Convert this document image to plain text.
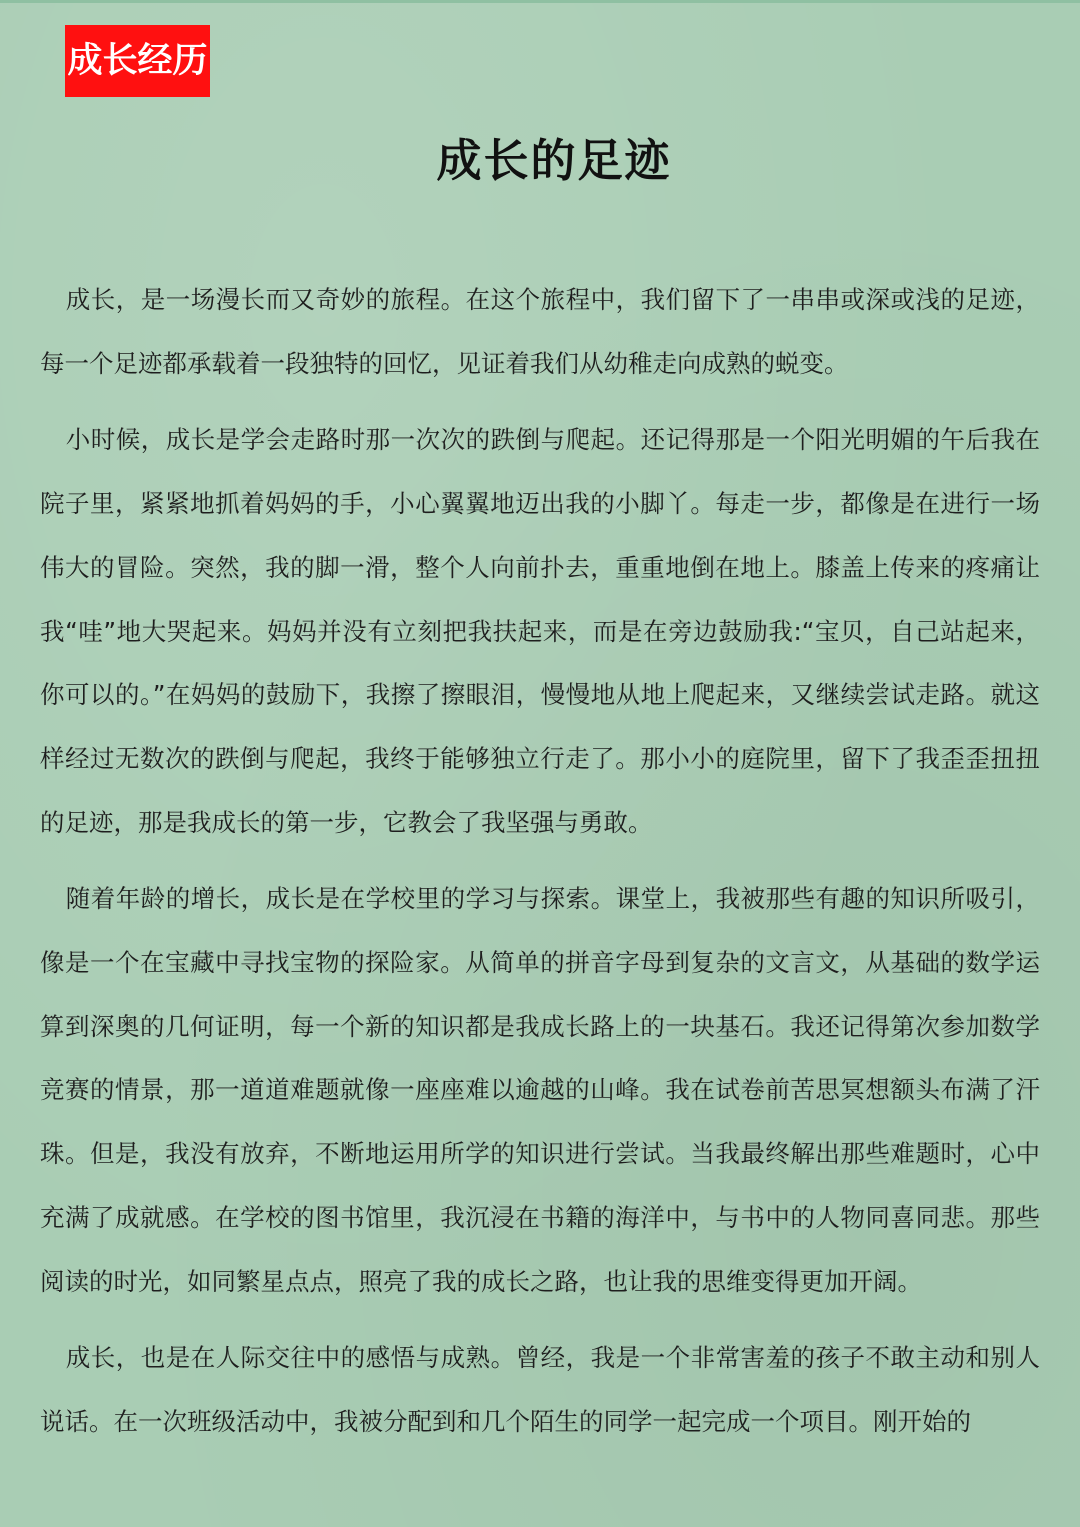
成长经历
成长的足迹

成长，是一场漫长而又奇妙的旅程。在这个旅程中，我们留下了一串串或深或浅的足迹，每一个足迹都承载着一段独特的回忆，见证着我们从幼稚走向成熟的蜕变。

小时候，成长是学会走路时那一次次的跌倒与爬起。还记得那是一个阳光明媚的午后我在院子里，紧紧地抓着妈妈的手，小心翼翼地迈出我的小脚丫。每走一步，都像是在进行一场伟大的冒险。突然，我的脚一滑，整个人向前扑去，重重地倒在地上。膝盖上传来的疼痛让我“哇”地大哭起来。妈妈并没有立刻把我扶起来，而是在旁边鼓励我:“宝贝，自己站起来，你可以的。”在妈妈的鼓励下，我擦了擦眼泪，慢慢地从地上爬起来，又继续尝试走路。就这样经过无数次的跌倒与爬起，我终于能够独立行走了。那小小的庭院里，留下了我歪歪扭扭的足迹，那是我成长的第一步，它教会了我坚强与勇敢。

随着年龄的增长，成长是在学校里的学习与探索。课堂上，我被那些有趣的知识所吸引，像是一个在宝藏中寻找宝物的探险家。从简单的拼音字母到复杂的文言文，从基础的数学运算到深奥的几何证明，每一个新的知识都是我成长路上的一块基石。我还记得第次参加数学竞赛的情景，那一道道难题就像一座座难以逾越的山峰。我在试卷前苦思冥想额头布满了汗珠。但是，我没有放弃，不断地运用所学的知识进行尝试。当我最终解出那些难题时，心中充满了成就感。在学校的图书馆里，我沉浸在书籍的海洋中，与书中的人物同喜同悲。那些阅读的时光，如同繁星点点，照亮了我的成长之路，也让我的思维变得更加开阔。

成长，也是在人际交往中的感悟与成熟。曾经，我是一个非常害羞的孩子不敢主动和别人说话。在一次班级活动中，我被分配到和几个陌生的同学一起完成一个项目。刚开始的
